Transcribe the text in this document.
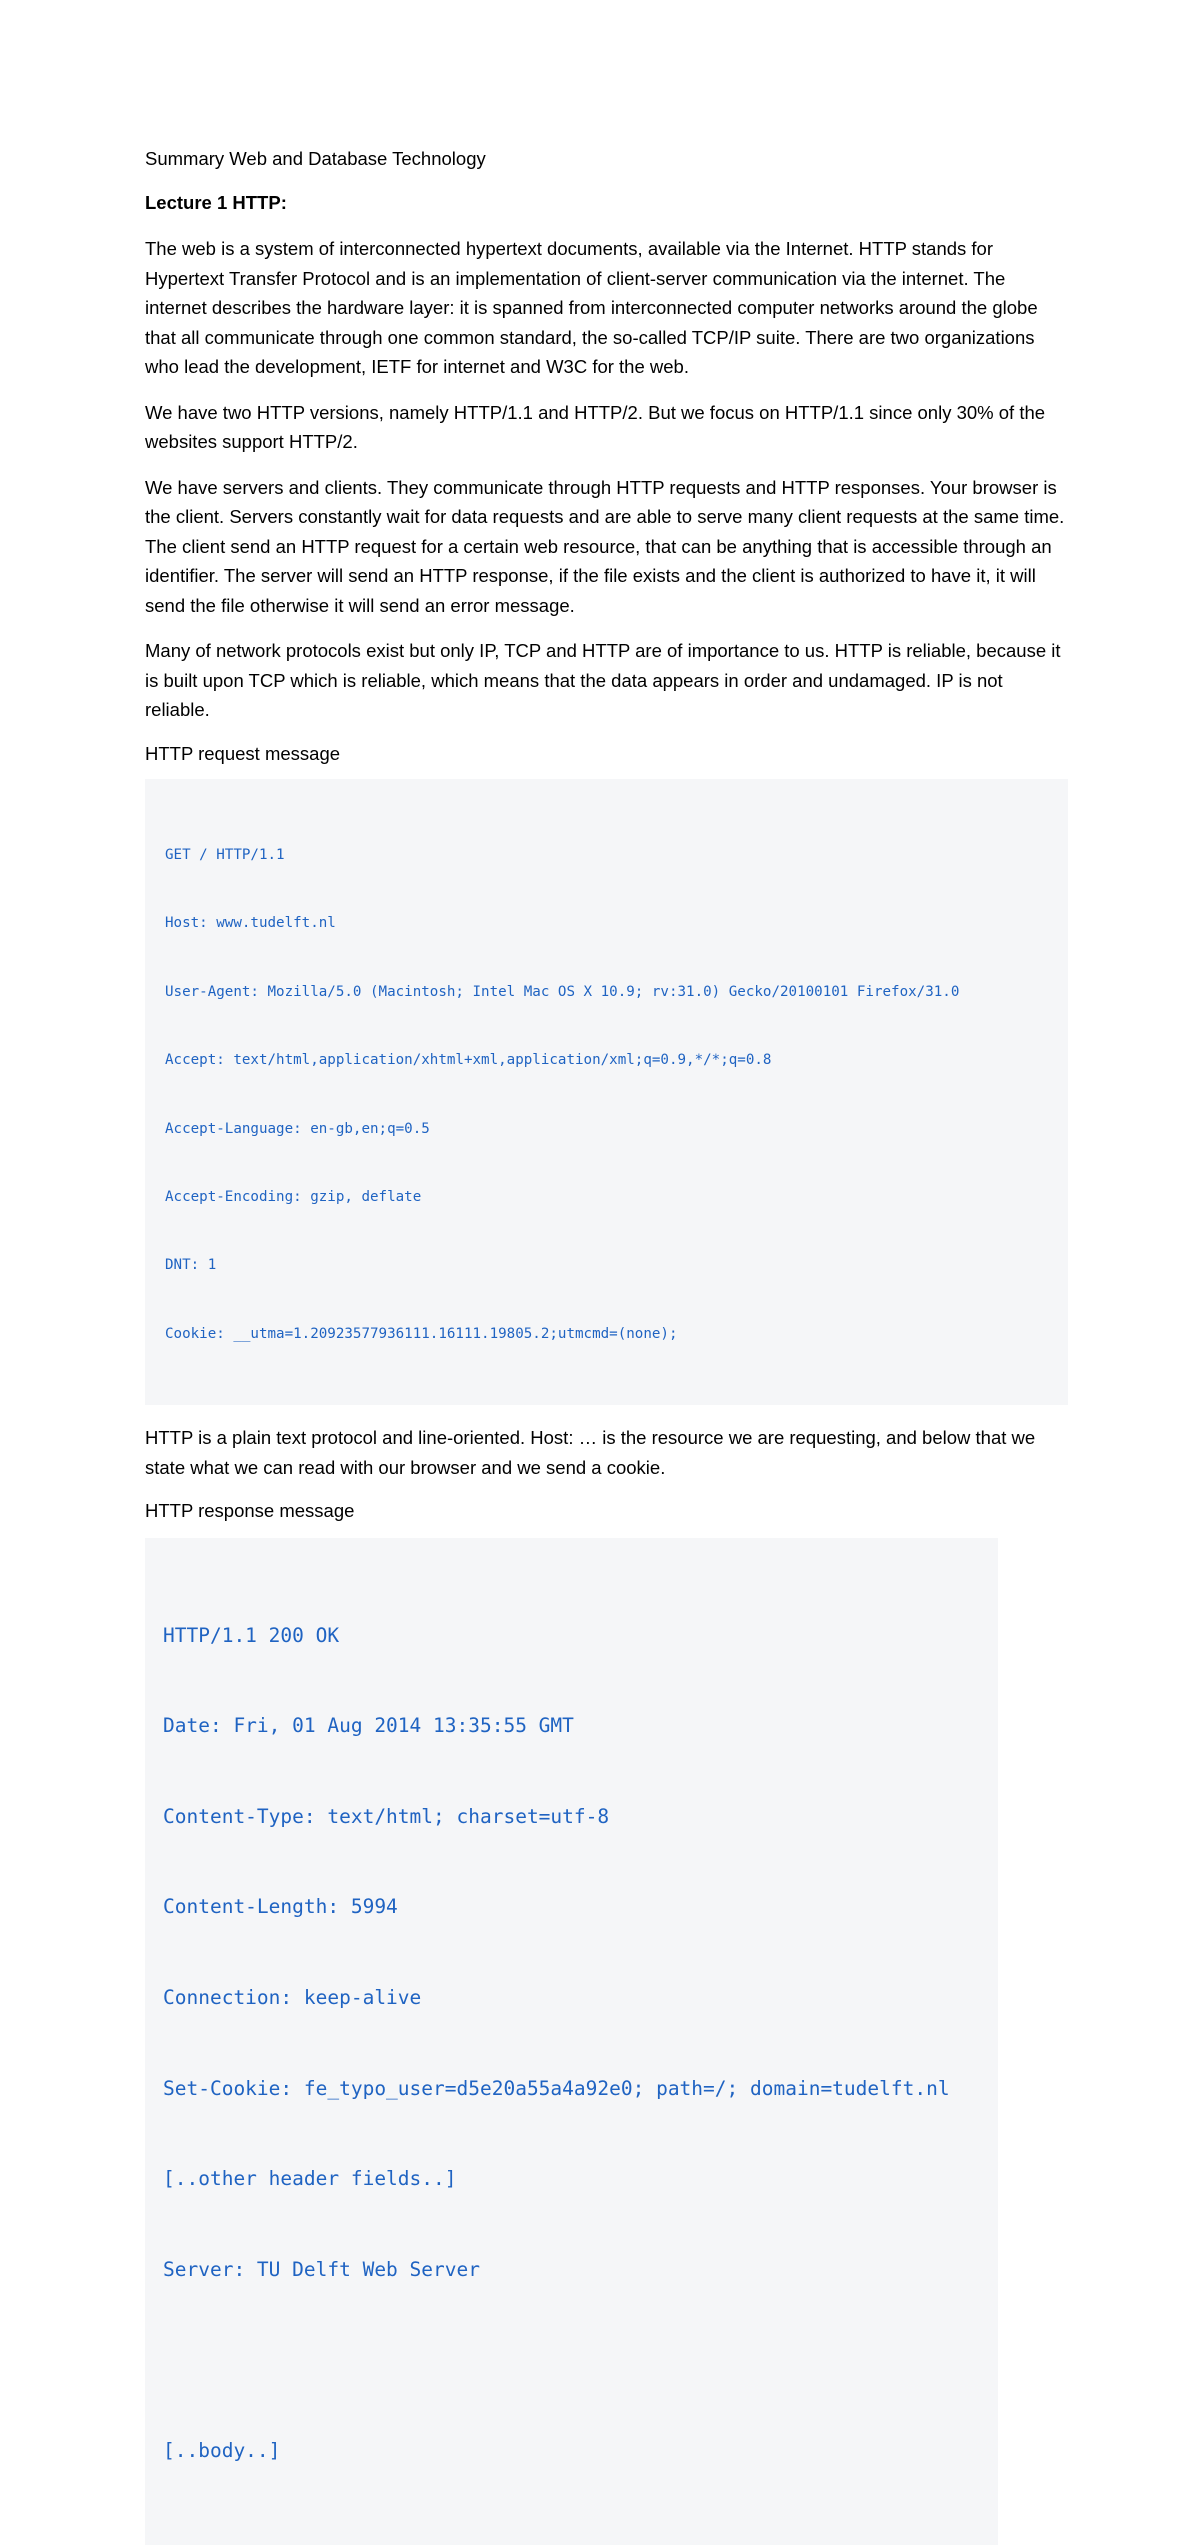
Summary Web and Database Technology
Lecture 1 HTTP:

The web is a system of interconnected hypertext documents, available via the Internet. HTTP stands for Hypertext Transfer Protocol and is an implementation of client-server communication via the internet. The internet describes the hardware layer: it is spanned from interconnected computer networks around the globe that all communicate through one common standard, the so-called TCP/IP suite. There are two organizations who lead the development, IETF for internet and W3C for the web.

We have two HTTP versions, namely HTTP/1.1 and HTTP/2. But we focus on HTTP/1.1 since only 30% of the websites support HTTP/2.

We have servers and clients. They communicate through HTTP requests and HTTP responses. Your browser is the client. Servers constantly wait for data requests and are able to serve many client requests at the same time. The client send an HTTP request for a certain web resource, that can be anything that is accessible through an identifier. The server will send an HTTP response, if the file exists and the client is authorized to have it, it will send the file otherwise it will send an error message.

Many of network protocols exist but only IP, TCP and HTTP are of importance to us. HTTP is reliable, because it is built upon TCP which is reliable, which means that the data appears in order and undamaged. IP is not reliable.

HTTP request message

GET / HTTP/1.1

Host: www.tudelft.nl

User-Agent: Mozilla/5.0 (Macintosh; Intel Mac OS X 10.9; rv:31.0) Gecko/20100101 Firefox/31.0

Accept: text/html,application/xhtml+xml,application/xml;q=0.9,*/*;q=0.8

Accept-Language: en-gb,en;q=0.5

Accept-Encoding: gzip, deflate

DNT: 1

Cookie: __utma=1.20923577936111.16111.19805.2;utmcmd=(none);

HTTP is a plain text protocol and line-oriented. Host: … is the resource we are requesting, and below that we state what we can read with our browser and we send a cookie.

HTTP response message

HTTP/1.1 200 OK

Date: Fri, 01 Aug 2014 13:35:55 GMT

Content-Type: text/html; charset=utf-8

Content-Length: 5994

Connection: keep-alive

Set-Cookie: fe_typo_user=d5e20a55a4a92e0; path=/; domain=tudelft.nl

[..other header fields..]

Server: TU Delft Web Server

[..body..]
